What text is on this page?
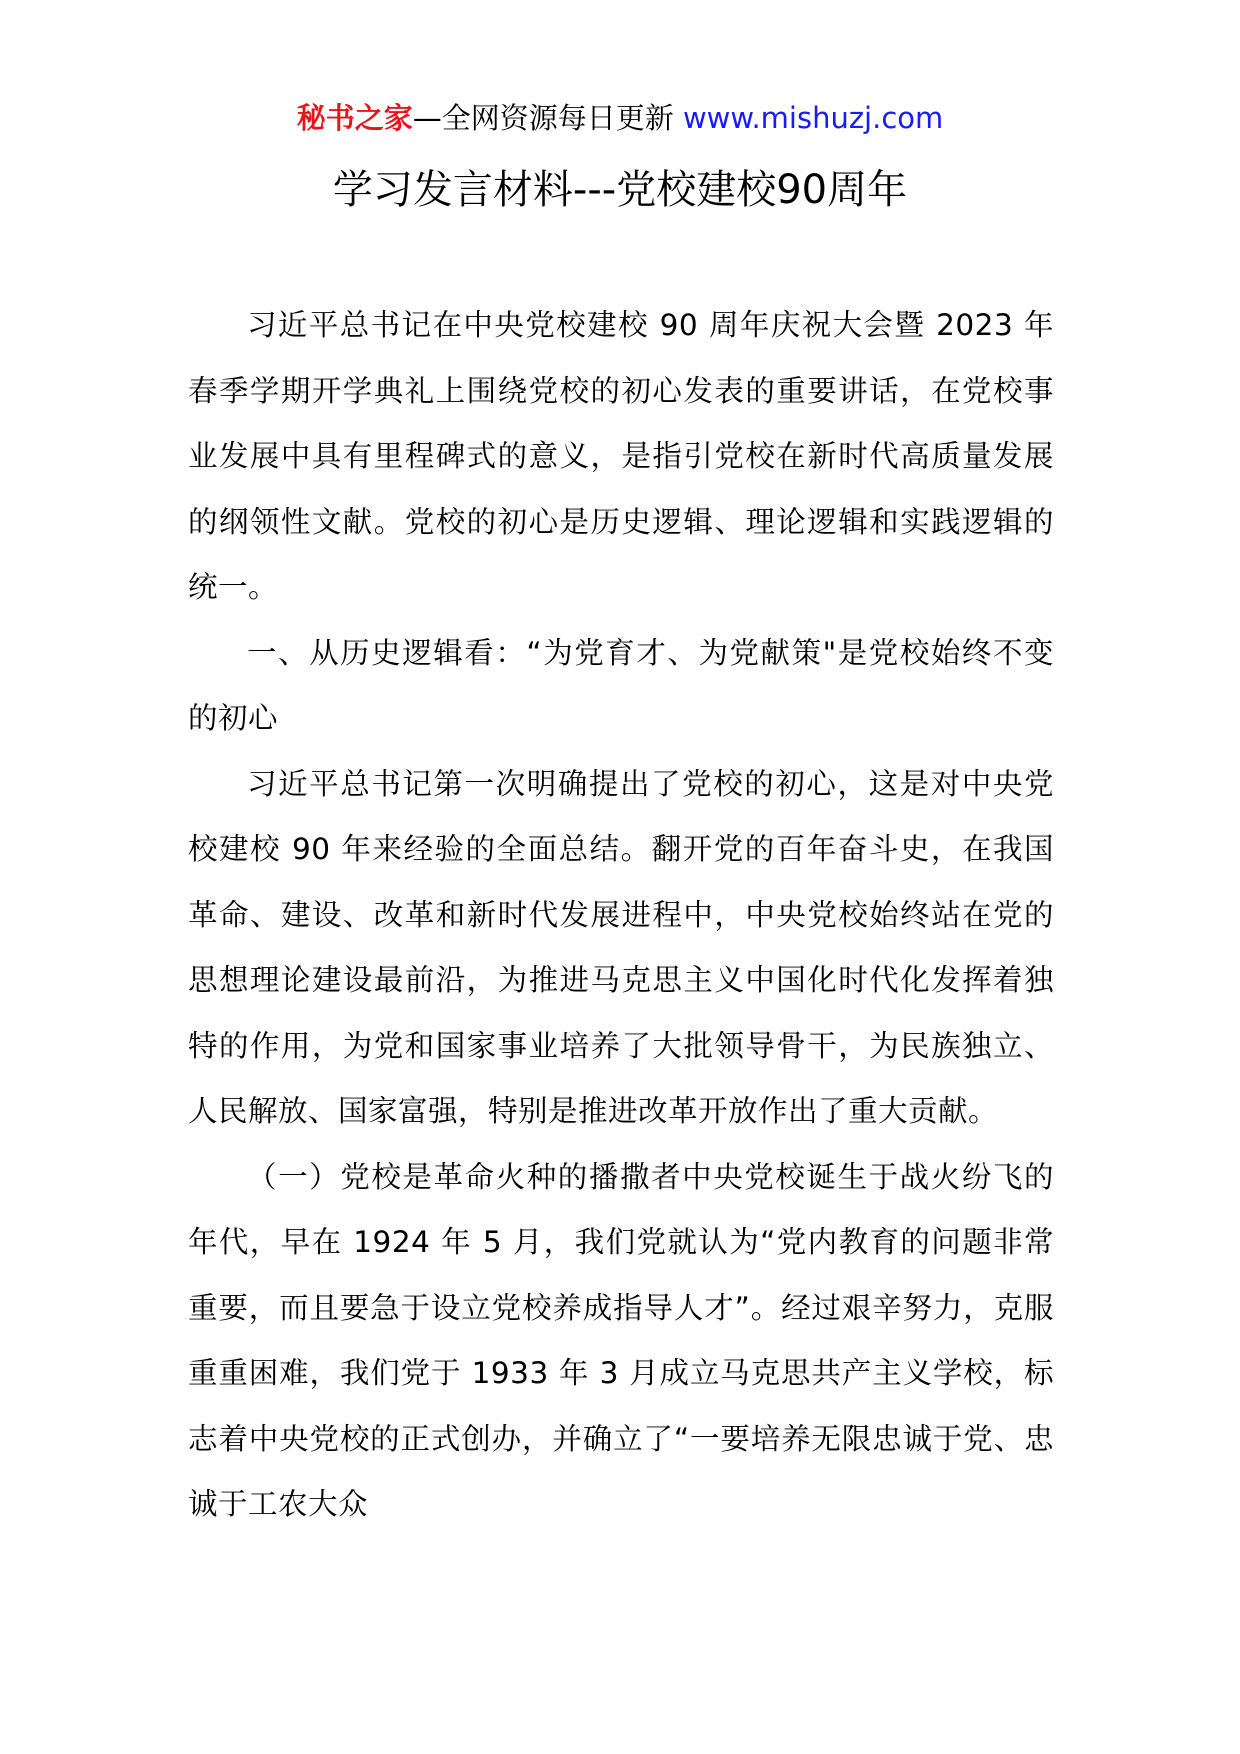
秘书之家—全网资源每日更新 www.mishuzj.com
学习发言材料---党校建校90周年

习近平总书记在中央党校建校 90 周年庆祝大会暨 2023 年春季学期开学典礼上围绕党校的初心发表的重要讲话，在党校事业发展中具有里程碑式的意义，是指引党校在新时代高质量发展的纲领性文献。党校的初心是历史逻辑、理论逻辑和实践逻辑的统一。

一、从历史逻辑看：“为党育才、为党献策"是党校始终不变的初心

习近平总书记第一次明确提出了党校的初心，这是对中央党校建校 90 年来经验的全面总结。翻开党的百年奋斗史，在我国革命、建设、改革和新时代发展进程中，中央党校始终站在党的思想理论建设最前沿，为推进马克思主义中国化时代化发挥着独特的作用，为党和国家事业培养了大批领导骨干，为民族独立、人民解放、国家富强，特别是推进改革开放作出了重大贡献。

（一）党校是革命火种的播撒者中央党校诞生于战火纷飞的年代，早在 1924 年 5 月，我们党就认为“党内教育的问题非常重要，而且要急于设立党校养成指导人才”。经过艰辛努力，克服重重困难，我们党于 1933 年 3 月成立马克思共产主义学校，标志着中央党校的正式创办，并确立了“一要培养无限忠诚于党、忠诚于工农大众
